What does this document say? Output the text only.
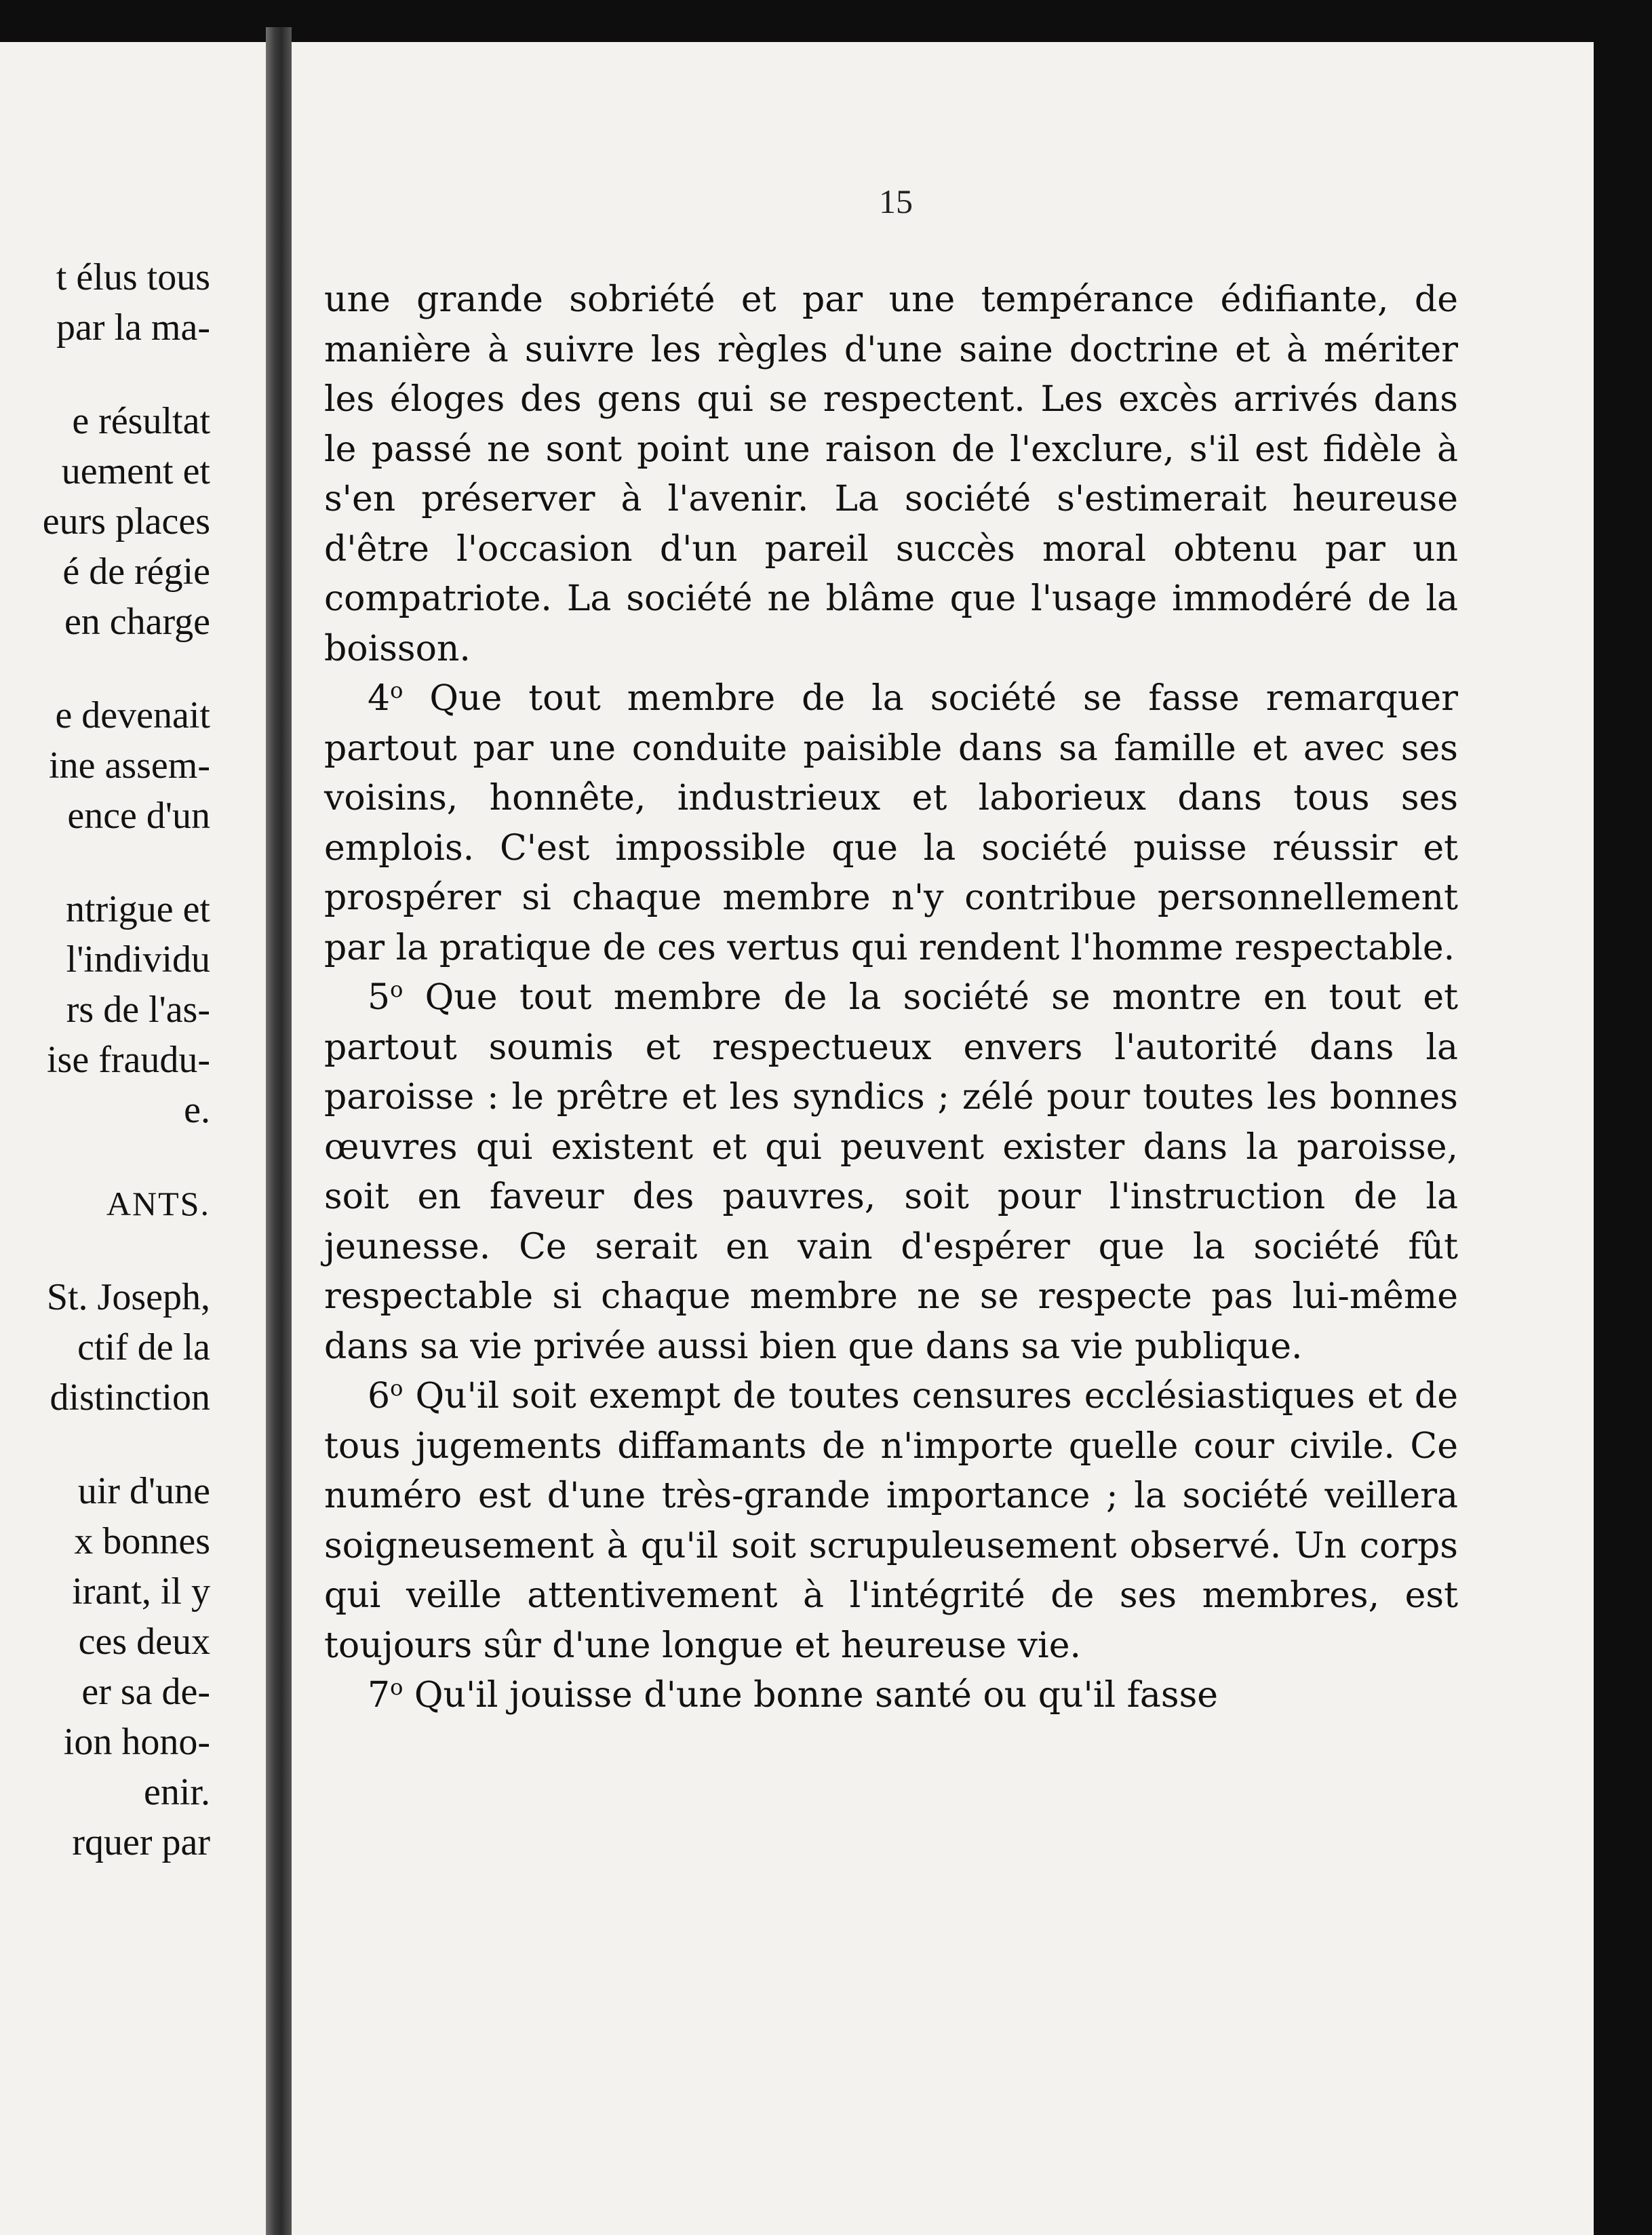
t élus tous
par la ma-
e résultat
uement et
eurs places
é de régie
en charge
e devenait
ine assem-
ence d'un
ntrigue et
l'individu
rs de l'as-
ise fraudu-
e.
ANTS.
St. Joseph,
ctif de la
distinction
uir d'une
x bonnes
irant, il y
ces deux
er sa de-
ion hono-
enir.
rquer par
15

une grande sobriété et par une tempérance édifiante, de manière à suivre les règles d'une saine doctrine et à mériter les éloges des gens qui se respectent. Les excès arrivés dans le passé ne sont point une raison de l'exclure, s'il est fidèle à s'en préserver à l'avenir. La société s'estimerait heureuse d'être l'occasion d'un pareil succès moral obtenu par un compatriote. La société ne blâme que l'usage immodéré de la boisson.

4$^o$ Que tout membre de la société se fasse remarquer partout par une conduite paisible dans sa famille et avec ses voisins, honnête, industrieux et laborieux dans tous ses emplois. C'est impossible que la société puisse réussir et prospérer si chaque membre n'y contribue personnellement par la pratique de ces vertus qui rendent l'homme respectable.

5$^o$ Que tout membre de la société se montre en tout et partout soumis et respectueux envers l'autorité dans la paroisse : le prêtre et les syndics ; zélé pour toutes les bonnes œuvres qui existent et qui peuvent exister dans la paroisse, soit en faveur des pauvres, soit pour l'instruction de la jeunesse. Ce serait en vain d'espérer que la société fût respectable si chaque membre ne se respecte pas lui-même dans sa vie privée aussi bien que dans sa vie publique.

6$^o$ Qu'il soit exempt de toutes censures ecclésiastiques et de tous jugements diffamants de n'importe quelle cour civile. Ce numéro est d'une très-grande importance ; la société veillera soigneusement à qu'il soit scrupuleusement observé. Un corps qui veille attentivement à l'intégrité de ses membres, est toujours sûr d'une longue et heureuse vie.

7$^o$ Qu'il jouisse d'une bonne santé ou qu'il fasse
